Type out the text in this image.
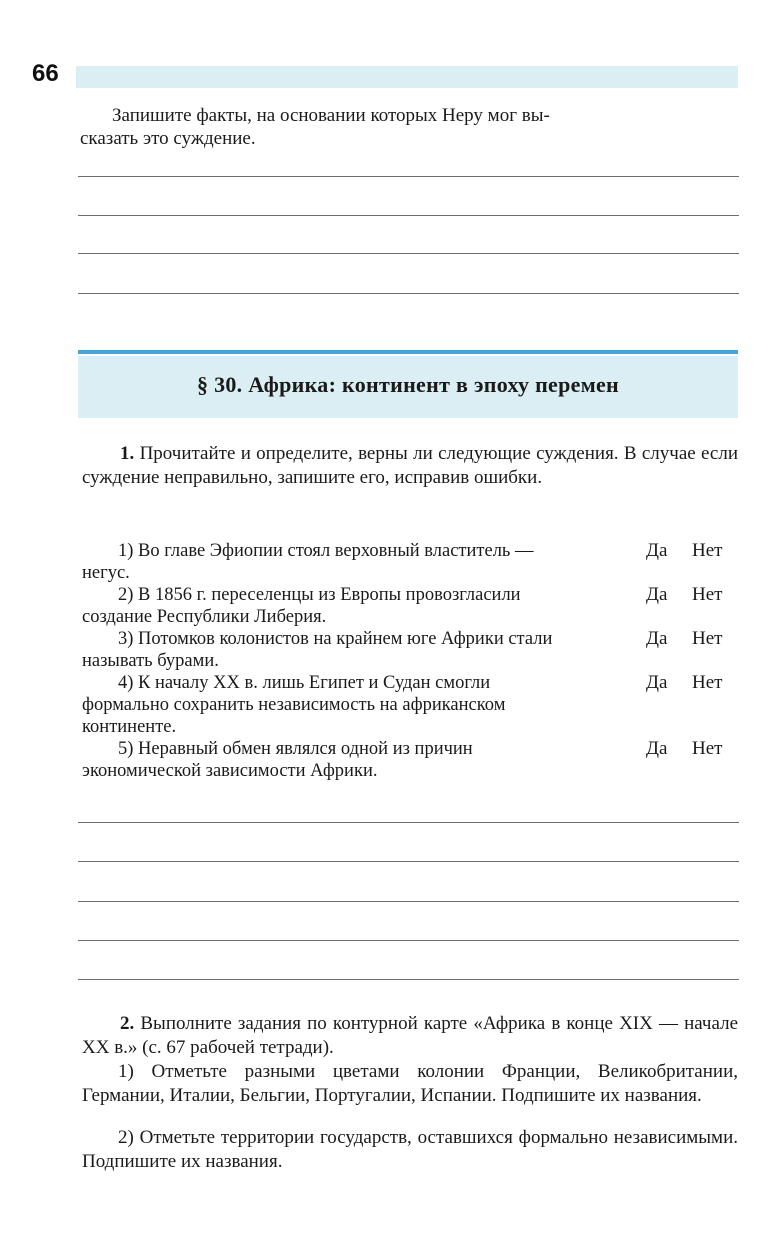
66
Запишите факты, на основании которых Неру мог вы-
сказать это суждение.
§ 30. Африка: континент в эпоху перемен
1. Прочитайте и определите, верны ли следующие суждения. В случае если суждение неправильно, запишите его, исправив ошибки.
1) Во главе Эфиопии стоял верховный властитель — негус.
Да Нет
2) В 1856 г. переселенцы из Европы провозгласили создание Республики Либерия.
Да Нет
3) Потомков колонистов на крайнем юге Африки стали называть бурами.
Да Нет
4) К началу XX в. лишь Египет и Судан смогли формально сохранить независимость на африканском континенте.
Да Нет
5) Неравный обмен являлся одной из причин экономической зависимости Африки.
Да Нет
2. Выполните задания по контурной карте «Африка в конце XIX — начале XX в.» (с. 67 рабочей тетради).
1) Отметьте разными цветами колонии Франции, Великобритании, Германии, Италии, Бельгии, Португалии, Испании. Подпишите их названия.
2) Отметьте территории государств, оставшихся формально независимыми. Подпишите их названия.
